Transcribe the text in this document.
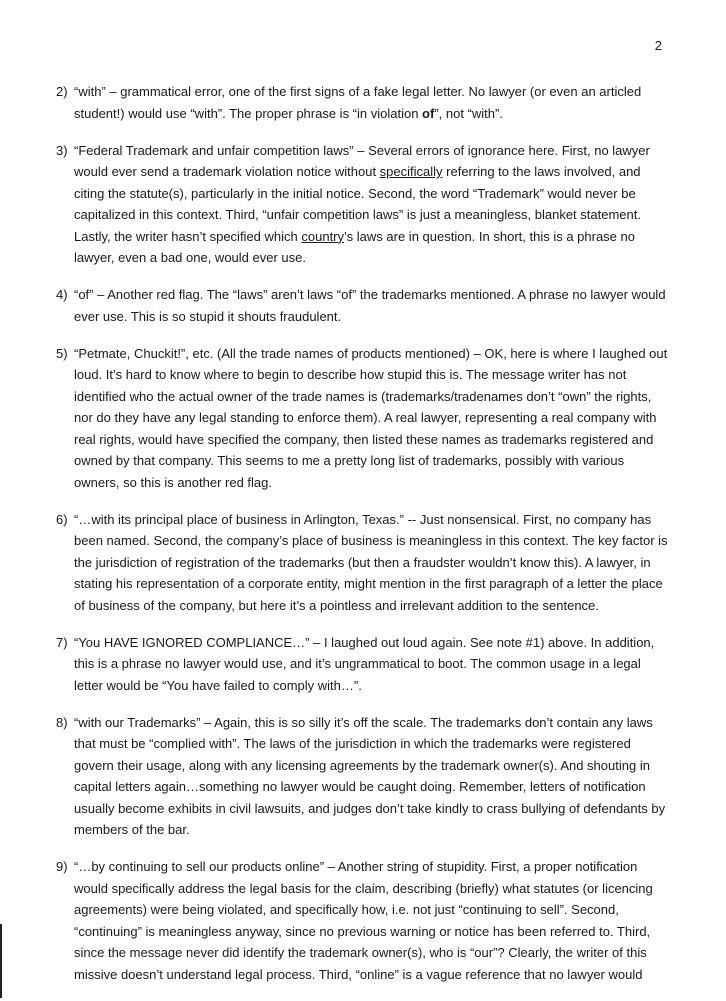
2
2) “with” – grammatical error, one of the first signs of a fake legal letter. No lawyer (or even an articled student!) would use “with”. The proper phrase is “in violation of”, not “with”.
3) “Federal Trademark and unfair competition laws” – Several errors of ignorance here. First, no lawyer would ever send a trademark violation notice without specifically referring to the laws involved, and citing the statute(s), particularly in the initial notice. Second, the word “Trademark” would never be capitalized in this context. Third, “unfair competition laws” is just a meaningless, blanket statement. Lastly, the writer hasn’t specified which country’s laws are in question. In short, this is a phrase no lawyer, even a bad one, would ever use.
4) “of” – Another red flag. The “laws” aren’t laws “of” the trademarks mentioned. A phrase no lawyer would ever use. This is so stupid it shouts fraudulent.
5) “Petmate, Chuckit!”, etc. (All the trade names of products mentioned) – OK, here is where I laughed out loud. It’s hard to know where to begin to describe how stupid this is. The message writer has not identified who the actual owner of the trade names is (trademarks/tradenames don’t “own” the rights, nor do they have any legal standing to enforce them). A real lawyer, representing a real company with real rights, would have specified the company, then listed these names as trademarks registered and owned by that company. This seems to me a pretty long list of trademarks, possibly with various owners, so this is another red flag.
6) “…with its principal place of business in Arlington, Texas.” -- Just nonsensical. First, no company has been named. Second, the company’s place of business is meaningless in this context. The key factor is the jurisdiction of registration of the trademarks (but then a fraudster wouldn’t know this). A lawyer, in stating his representation of a corporate entity, might mention in the first paragraph of a letter the place of business of the company, but here it’s a pointless and irrelevant addition to the sentence.
7) “You HAVE IGNORED COMPLIANCE…” – I laughed out loud again. See note #1) above. In addition, this is a phrase no lawyer would use, and it’s ungrammatical to boot. The common usage in a legal letter would be “You have failed to comply with…”.
8) “with our Trademarks” – Again, this is so silly it’s off the scale. The trademarks don’t contain any laws that must be “complied with”. The laws of the jurisdiction in which the trademarks were registered govern their usage, along with any licensing agreements by the trademark owner(s). And shouting in capital letters again…something no lawyer would be caught doing. Remember, letters of notification usually become exhibits in civil lawsuits, and judges don’t take kindly to crass bullying of defendants by members of the bar.
9) “…by continuing to sell our products online” – Another string of stupidity. First, a proper notification would specifically address the legal basis for the claim, describing (briefly) what statutes (or licencing agreements) were being violated, and specifically how, i.e. not just “continuing to sell”. Second, “continuing” is meaningless anyway, since no previous warning or notice has been referred to. Third, since the message never did identify the trademark owner(s), who is “our”? Clearly, the writer of this missive doesn’t understand legal process. Third, “online” is a vague reference that no lawyer would
